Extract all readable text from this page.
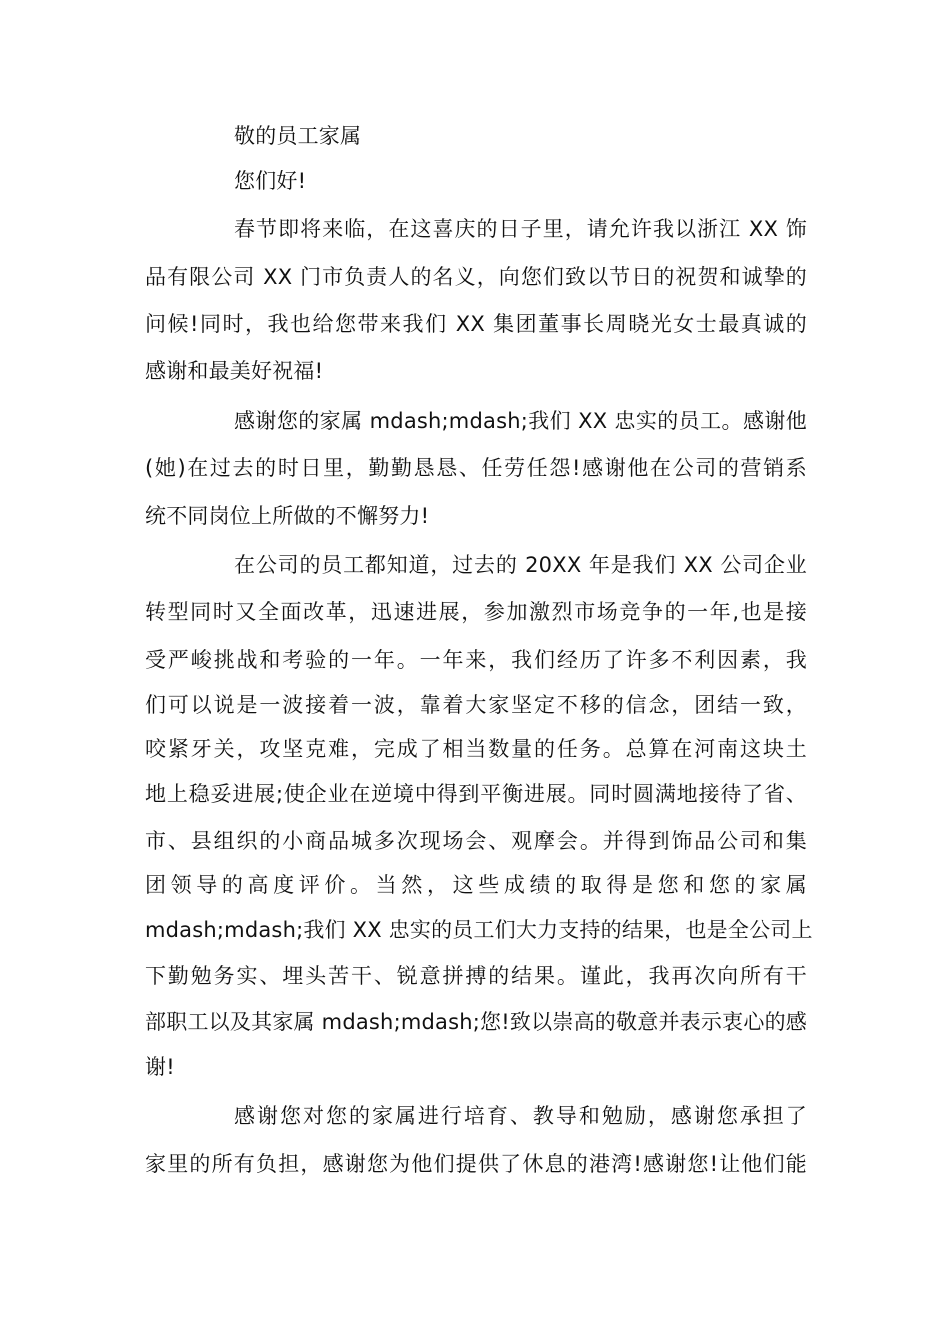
敬的员工家属
您们好!
春节即将来临，在这喜庆的日子里，请允许我以浙江 XX 饰
品有限公司 XX 门市负责人的名义，向您们致以节日的祝贺和诚挚的
问候!同时，我也给您带来我们 XX 集团董事长周晓光女士最真诚的
感谢和最美好祝福!
感谢您的家属 mdash;mdash;我们 XX 忠实的员工。感谢他
(她)在过去的时日里，勤勤恳恳、任劳任怨!感谢他在公司的营销系
统不同岗位上所做的不懈努力!
在公司的员工都知道，过去的 20XX 年是我们 XX 公司企业
转型同时又全面改革，迅速进展，参加激烈市场竞争的一年,也是接
受严峻挑战和考验的一年。一年来，我们经历了许多不利因素，我
们可以说是一波接着一波，靠着大家坚定不移的信念，团结一致，
咬紧牙关，攻坚克难，完成了相当数量的任务。总算在河南这块土
地上稳妥进展;使企业在逆境中得到平衡进展。同时圆满地接待了省、
市、县组织的小商品城多次现场会、观摩会。并得到饰品公司和集
团领导的高度评价。当然，这些成绩的取得是您和您的家属
mdash;mdash;我们 XX 忠实的员工们大力支持的结果，也是全公司上
下勤勉务实、埋头苦干、锐意拼搏的结果。谨此，我再次向所有干
部职工以及其家属 mdash;mdash;您!致以崇高的敬意并表示衷心的感
谢!
感谢您对您的家属进行培育、教导和勉励，感谢您承担了
家里的所有负担，感谢您为他们提供了休息的港湾!感谢您!让他们能
